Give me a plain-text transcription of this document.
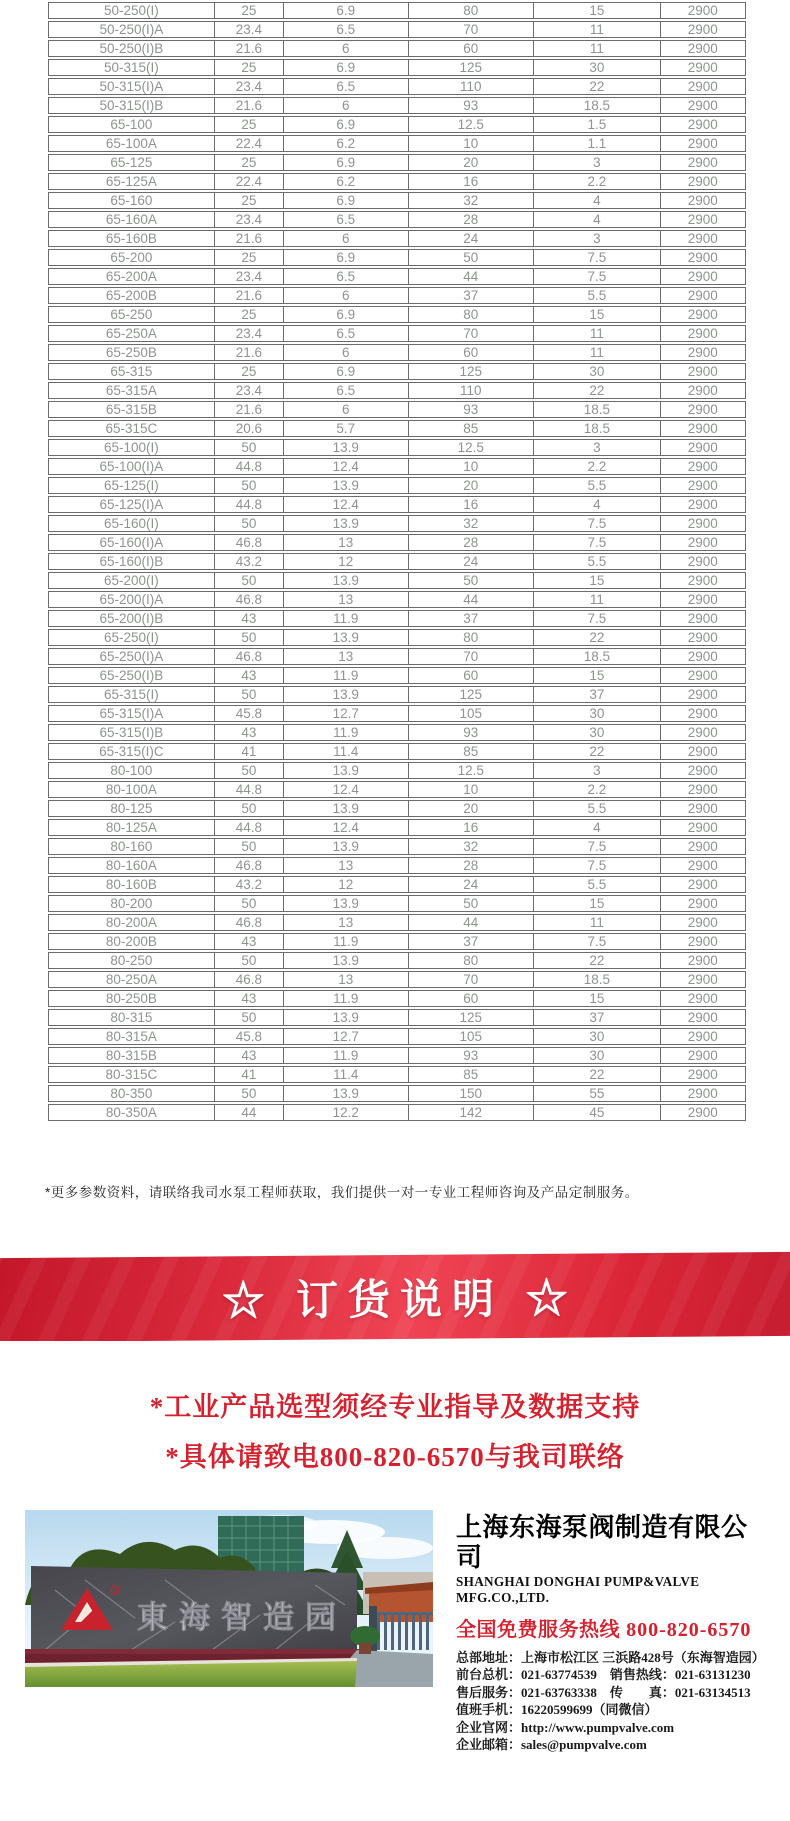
50-250(I)	25	6.9	80	15	2900
50-250(I)A	23.4	6.5	70	11	2900
50-250(I)B	21.6	6	60	11	2900
50-315(I)	25	6.9	125	30	2900
50-315(I)A	23.4	6.5	110	22	2900
50-315(I)B	21.6	6	93	18.5	2900
65-100	25	6.9	12.5	1.5	2900
65-100A	22.4	6.2	10	1.1	2900
65-125	25	6.9	20	3	2900
65-125A	22.4	6.2	16	2.2	2900
65-160	25	6.9	32	4	2900
65-160A	23.4	6.5	28	4	2900
65-160B	21.6	6	24	3	2900
65-200	25	6.9	50	7.5	2900
65-200A	23.4	6.5	44	7.5	2900
65-200B	21.6	6	37	5.5	2900
65-250	25	6.9	80	15	2900
65-250A	23.4	6.5	70	11	2900
65-250B	21.6	6	60	11	2900
65-315	25	6.9	125	30	2900
65-315A	23.4	6.5	110	22	2900
65-315B	21.6	6	93	18.5	2900
65-315C	20.6	5.7	85	18.5	2900
65-100(I)	50	13.9	12.5	3	2900
65-100(I)A	44.8	12.4	10	2.2	2900
65-125(I)	50	13.9	20	5.5	2900
65-125(I)A	44.8	12.4	16	4	2900
65-160(I)	50	13.9	32	7.5	2900
65-160(I)A	46.8	13	28	7.5	2900
65-160(I)B	43.2	12	24	5.5	2900
65-200(I)	50	13.9	50	15	2900
65-200(I)A	46.8	13	44	11	2900
65-200(I)B	43	11.9	37	7.5	2900
65-250(I)	50	13.9	80	22	2900
65-250(I)A	46.8	13	70	18.5	2900
65-250(I)B	43	11.9	60	15	2900
65-315(I)	50	13.9	125	37	2900
65-315(I)A	45.8	12.7	105	30	2900
65-315(I)B	43	11.9	93	30	2900
65-315(I)C	41	11.4	85	22	2900
80-100	50	13.9	12.5	3	2900
80-100A	44.8	12.4	10	2.2	2900
80-125	50	13.9	20	5.5	2900
80-125A	44.8	12.4	16	4	2900
80-160	50	13.9	32	7.5	2900
80-160A	46.8	13	28	7.5	2900
80-160B	43.2	12	24	5.5	2900
80-200	50	13.9	50	15	2900
80-200A	46.8	13	44	11	2900
80-200B	43	11.9	37	7.5	2900
80-250	50	13.9	80	22	2900
80-250A	46.8	13	70	18.5	2900
80-250B	43	11.9	60	15	2900
80-315	50	13.9	125	37	2900
80-315A	45.8	12.7	105	30	2900
80-315B	43	11.9	93	30	2900
80-315C	41	11.4	85	22	2900
80-350	50	13.9	150	55	2900
80-350A	44	12.2	142	45	2900

*更多参数资料，请联络我司水泵工程师获取，我们提供一对一专业工程师咨询及产品定制服务。

☆ 订货说明 ☆

*工业产品选型须经专业指导及数据支持

*具体请致电800-820-6570与我司联络

R
東海智造园
上海东海泵阀制造有限公司
SHANGHAI DONGHAI PUMP&VALVE MFG.CO.,LTD.
全国免费服务热线 800-820-6570
总部地址：上海市松江区 三浜路428号（东海智造园）
前台总机：021-63774539　销售热线：021-63131230
售后服务：021-63763338　传　　真：021-63134513
值班手机：16220599699（同微信）
企业官网：http://www.pumpvalve.com
企业邮箱：sales@pumpvalve.com
